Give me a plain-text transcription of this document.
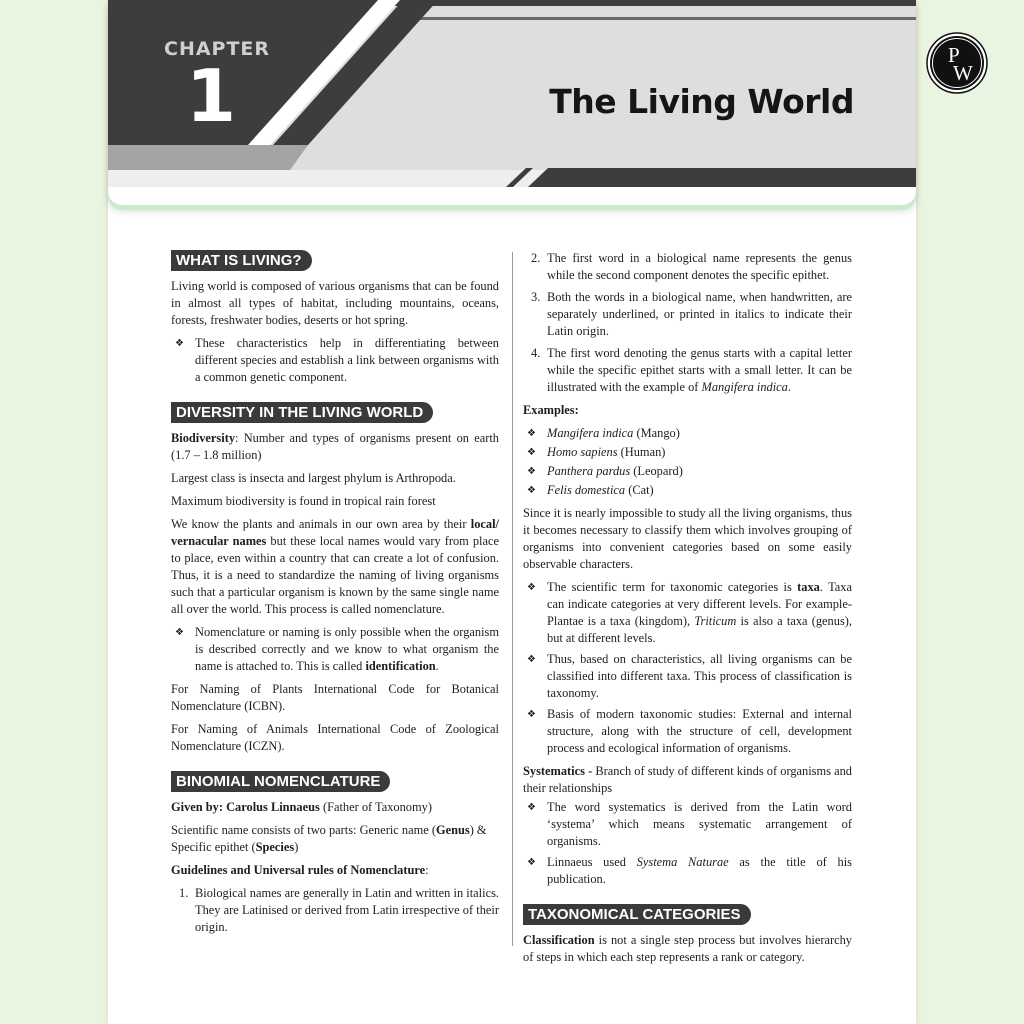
CHAPTER
1	The Living World
P
W
WHAT IS LIVING?

Living world is composed of various organisms that can be found in almost all types of habitat, including mountains, oceans, forests, freshwater bodies, deserts or hot spring.

❖ These characteristics help in differentiating between different species and establish a link between organisms with a common genetic component.
DIVERSITY IN THE LIVING WORLD

Biodiversity: Number and types of organisms present on earth (1.7 – 1.8 million)

Largest class is insecta and largest phylum is Arthropoda.

Maximum biodiversity is found in tropical rain forest

We know the plants and animals in our own area by their local/ vernacular names but these local names would vary from place to place, even within a country that can create a lot of confusion. Thus, it is a need to standardize the naming of living organisms such that a particular organism is known by the same single name all over the world. This process is called nomenclature.

❖ Nomenclature or naming is only possible when the organism is described correctly and we know to what organism the name is attached to. This is called identification.

For Naming of Plants International Code for Botanical Nomenclature (ICBN).

For Naming of Animals International Code of Zoological Nomenclature (ICZN).

BINOMIAL NOMENCLATURE

Given by: Carolus Linnaeus (Father of Taxonomy)

Scientific name consists of two parts: Generic name (Genus) & Specific epithet (Species)

Guidelines and Universal rules of Nomenclature:

1. Biological names are generally in Latin and written in italics. They are Latinised or derived from Latin irrespective of their origin.
2. The first word in a biological name represents the genus while the second component denotes the specific epithet.
3. Both the words in a biological name, when handwritten, are separately underlined, or printed in italics to indicate their Latin origin.
4. The first word denoting the genus starts with a capital letter while the specific epithet starts with a small letter. It can be illustrated with the example of Mangifera indica.

Examples:

❖ Mangifera indica (Mango)
❖ Homo sapiens (Human)
❖ Panthera pardus (Leopard)
❖ Felis domestica (Cat)

Since it is nearly impossible to study all the living organisms, thus it becomes necessary to classify them which involves grouping of organisms into convenient categories based on some easily observable characters.

❖ The scientific term for taxonomic categories is taxa. Taxa can indicate categories at very different levels. For example- Plantae is a taxa (kingdom), Triticum is also a taxa (genus), but at different levels.
❖ Thus, based on characteristics, all living organisms can be classified into different taxa. This process of classification is taxonomy.
❖ Basis of modern taxonomic studies: External and internal structure, along with the structure of cell, development process and ecological information of organisms.

Systematics - Branch of study of different kinds of organisms and their relationships

❖ The word systematics is derived from the Latin word ‘systema’ which means systematic arrangement of organisms.
❖ Linnaeus used Systema Naturae as the title of his publication.
TAXONOMICAL CATEGORIES

Classification is not a single step process but involves hierarchy of steps in which each step represents a rank or category.
